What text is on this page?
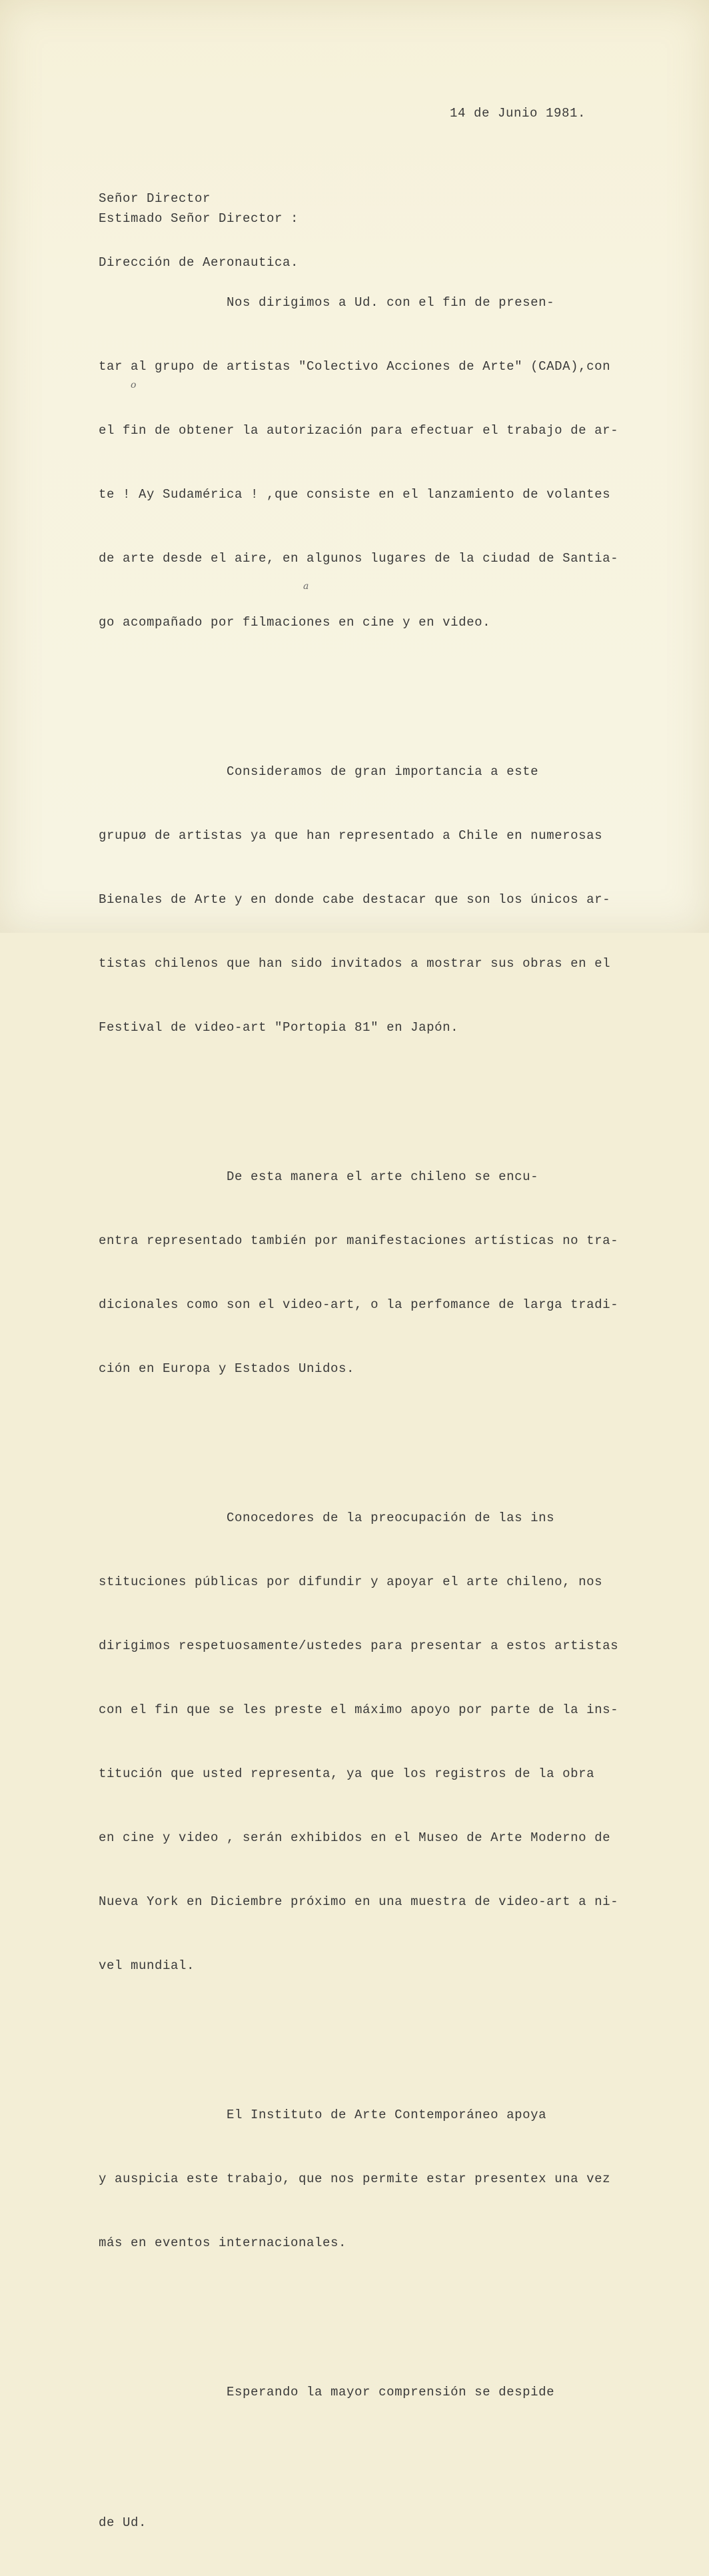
14 de Junio 1981.

Señor Director

Dirección de Aeronautica.

Estimado Señor Director :

Nos dirigimos a Ud. con el fin de presen-

tar al grupo de artistas "Colectivo Acciones de Arte" (CADA),con

el fin de obtener la autorización para efectuar el trabajo de ar-

te ! Ay Sudamérica ! ,que consiste en el lanzamiento de volantes

de arte desde el aire, en algunos lugares de la ciudad de Santia-

go acompañado por filmaciones en cine y en video.

Consideramos de gran importancia a este

grupuø de artistas ya que han representado a Chile en numerosas

Bienales de Arte y en donde cabe destacar que son los únicos ar-

tistas chilenos que han sido invitados a mostrar sus obras en el

Festival de video-art "Portopia 81" en Japón.

De esta manera el arte chileno se encu-

entra representado también por manifestaciones artísticas no tra-

dicionales como son el video-art, o la perfomance de larga tradi-

ción en Europa y Estados Unidos.

Conocedores de la preocupación de las ins

stituciones públicas por difundir y apoyar el arte chileno, nos

dirigimos respetuosamente/ustedes para presentar a estos artistas

con el fin que se les preste el máximo apoyo por parte de la ins-

titución que usted representa, ya que los registros de la obra

en cine y video , serán exhibidos en el Museo de Arte Moderno de

Nueva York en Diciembre próximo en una muestra de video-art a ni-

vel mundial.

El Instituto de Arte Contemporáneo apoya

y auspicia este trabajo, que nos permite estar presentex una vez

más en eventos internacionales.

Esperando la mayor comprensión se despide

de Ud.

o
a
